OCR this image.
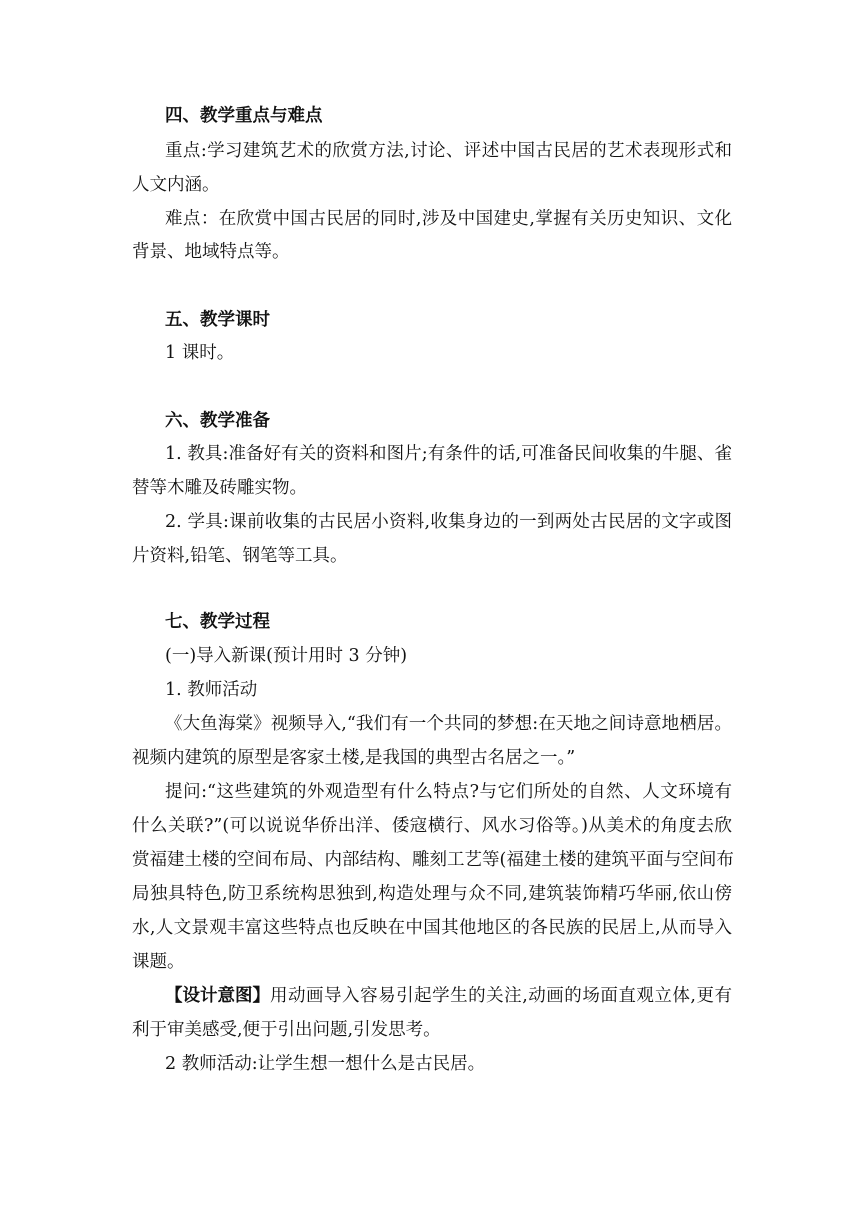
四、教学重点与难点
重点:学习建筑艺术的欣赏方法,讨论、评述中国古民居的艺术表现形式和
人文内涵。
难点：在欣赏中国古民居的同时,涉及中国建史,掌握有关历史知识、文化
背景、地域特点等。
五、教学课时
1 课时。
六、教学准备
1. 教具:准备好有关的资料和图片;有条件的话,可准备民间收集的牛腿、雀
替等木雕及砖雕实物。
2. 学具:课前收集的古民居小资料,收集身边的一到两处古民居的文字或图
片资料,铅笔、钢笔等工具。
七、教学过程
(一)导入新课(预计用时 3 分钟)
1. 教师活动
《大鱼海棠》视频导入,“我们有一个共同的梦想:在天地之间诗意地栖居。
视频内建筑的原型是客家土楼,是我国的典型古名居之一。”
提问:“这些建筑的外观造型有什么特点?与它们所处的自然、人文环境有
什么关联?”(可以说说华侨出洋、倭寇横行、风水习俗等。)从美术的角度去欣
赏福建土楼的空间布局、内部结构、雕刻工艺等(福建土楼的建筑平面与空间布
局独具特色,防卫系统构思独到,构造处理与众不同,建筑装饰精巧华丽,依山傍
水,人文景观丰富这些特点也反映在中国其他地区的各民族的民居上,从而导入
课题。
【设计意图】 用动画导入容易引起学生的关注,动画的场面直观立体,更有
利于审美感受,便于引出问题,引发思考。
2 教师活动:让学生想一想什么是古民居。
